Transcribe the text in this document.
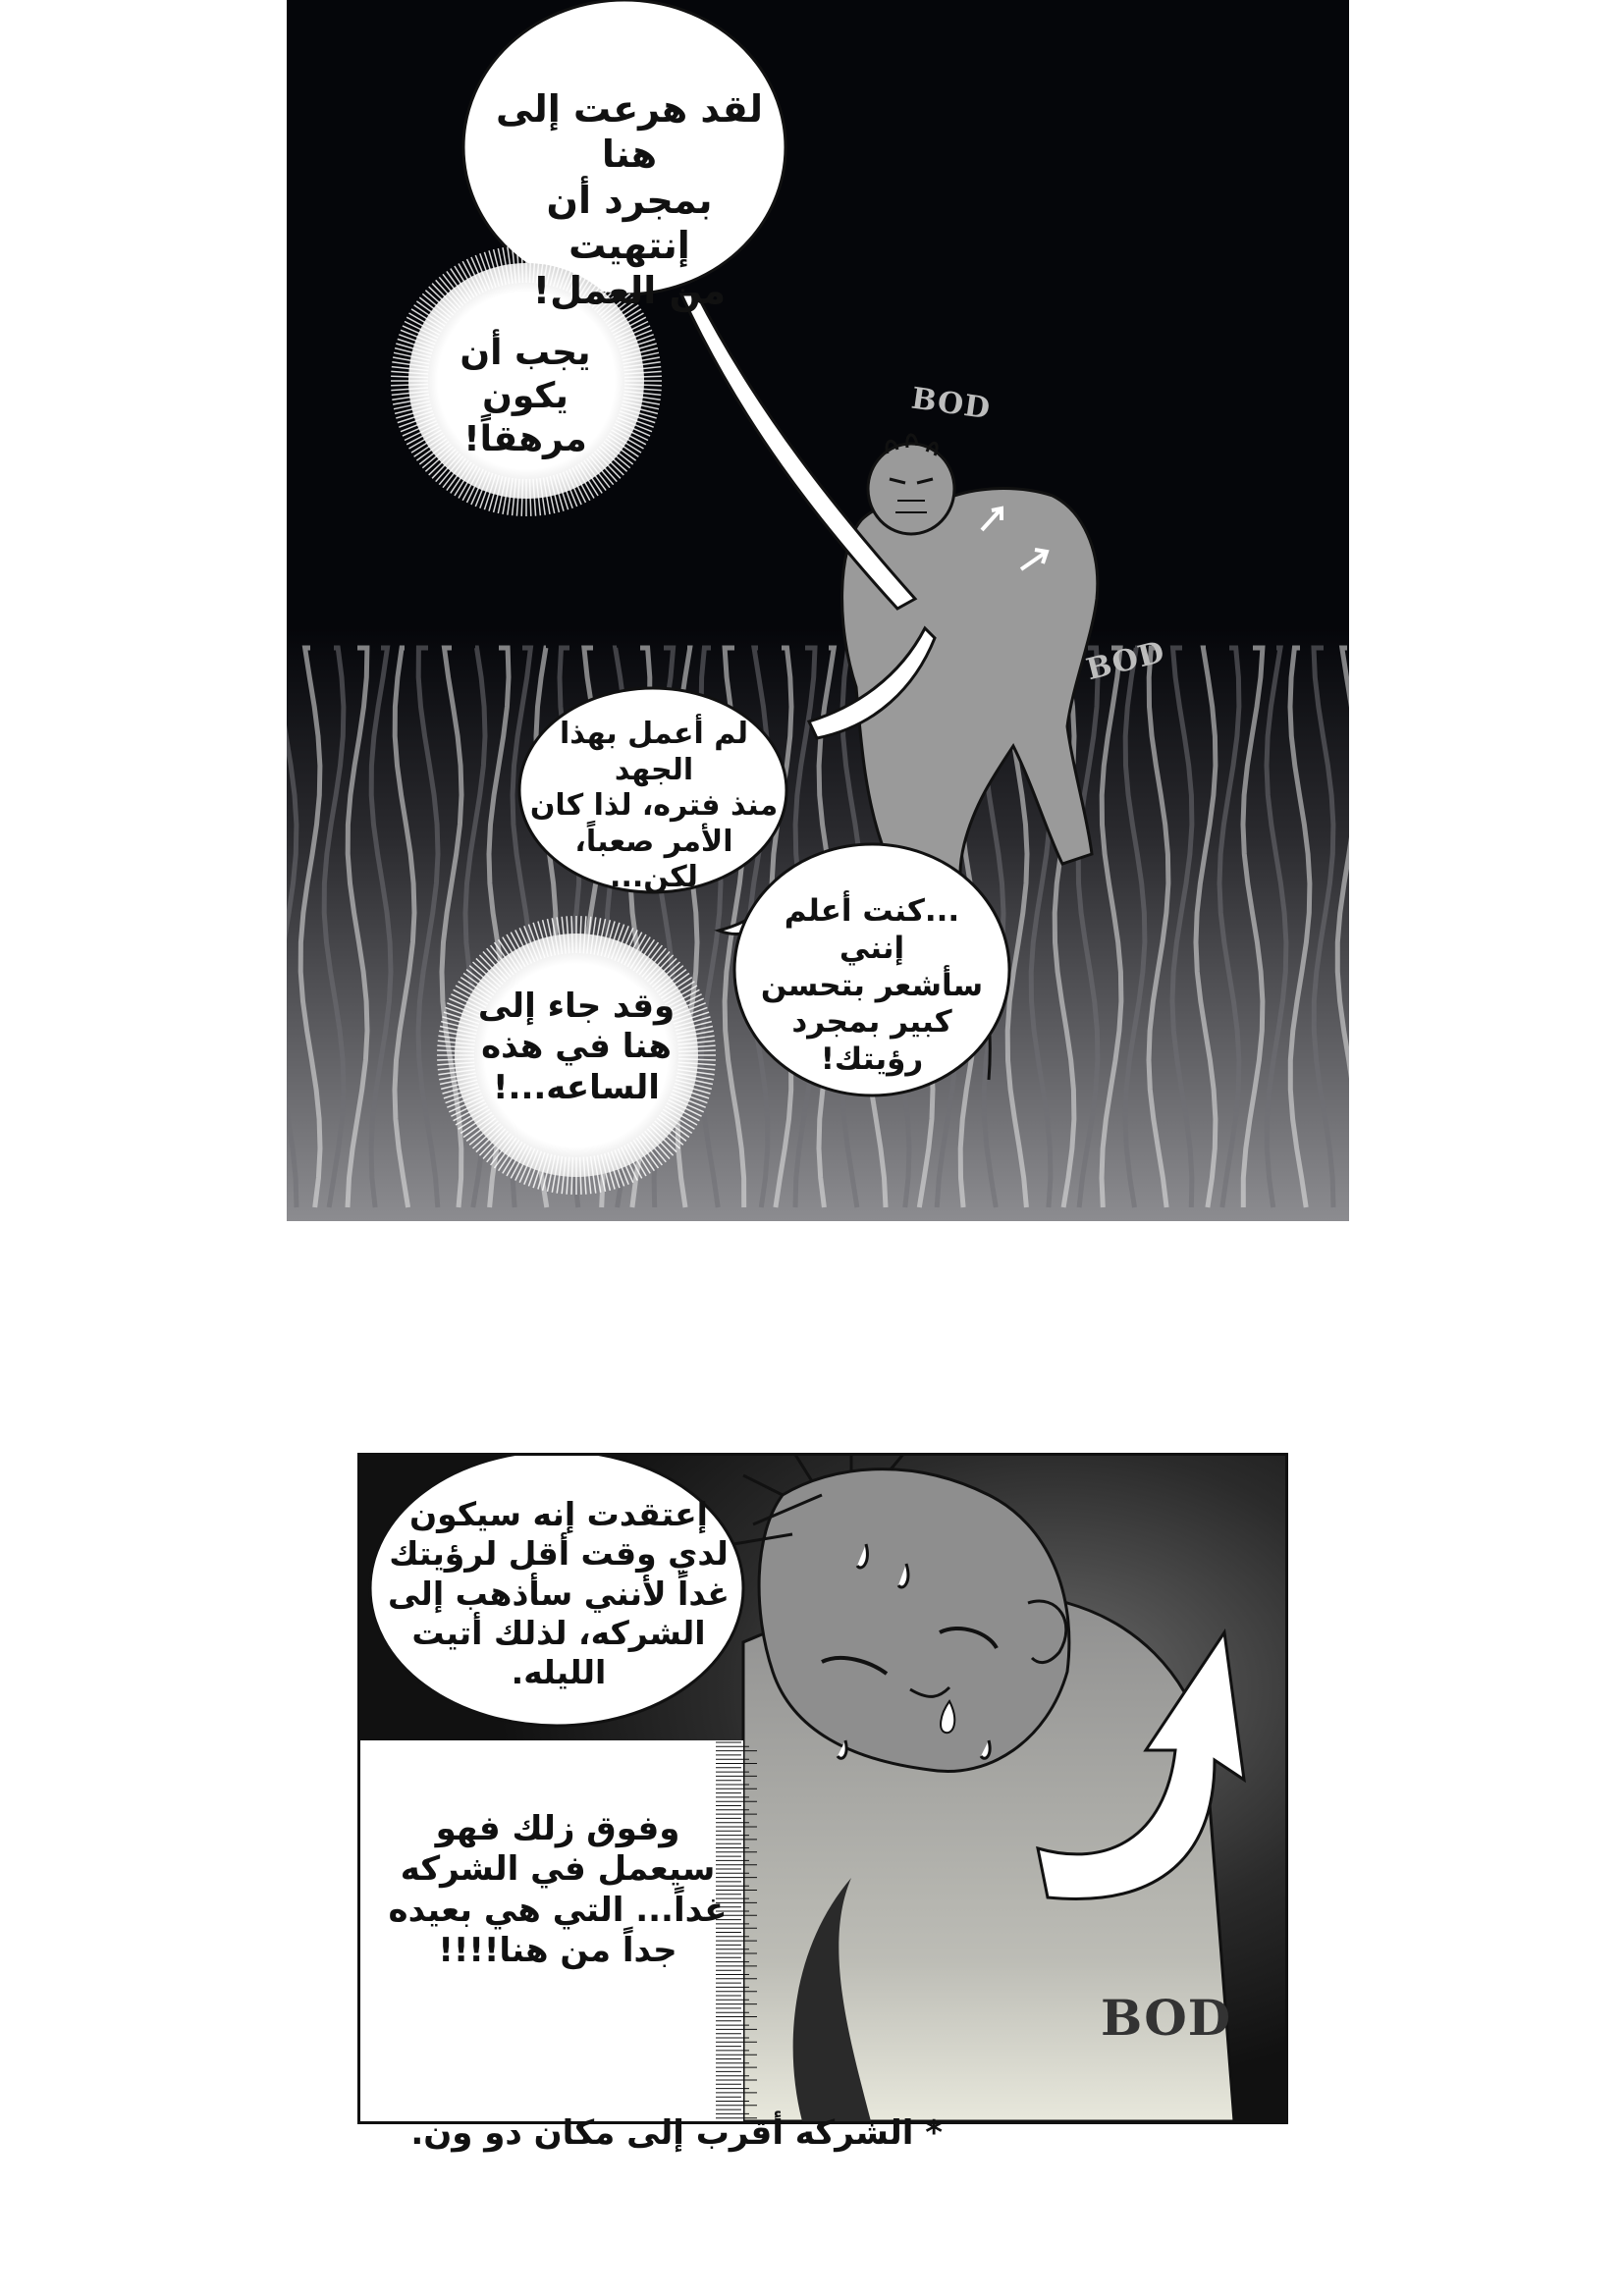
لقد هرعت إلى هنا
بمجرد أن إنتهيت
من العمل!

يجب أن
يكون مرهقاً!

لم أعمل بهذا الجهد
منذ فتره، لذا كان
الأمر صعباً، لكن...

...كنت أعلم إنني
سأشعر بتحسن
كبير بمجرد
رؤيتك!

وقد جاء إلى
هنا في هذه
الساعه...!

BOD

BOD

إعتقدت إنه سيكون
لدي وقت أقل لرؤيتك
غداً لأنني سأذهب إلى
الشركه، لذلك أتيت
الليله.

وفوق زلك فهو
سيعمل في الشركه
غداً... التي هي بعيده
جداً من هنا!!!!

BOD

* الشركه أقرب إلى مكان دو ون.
